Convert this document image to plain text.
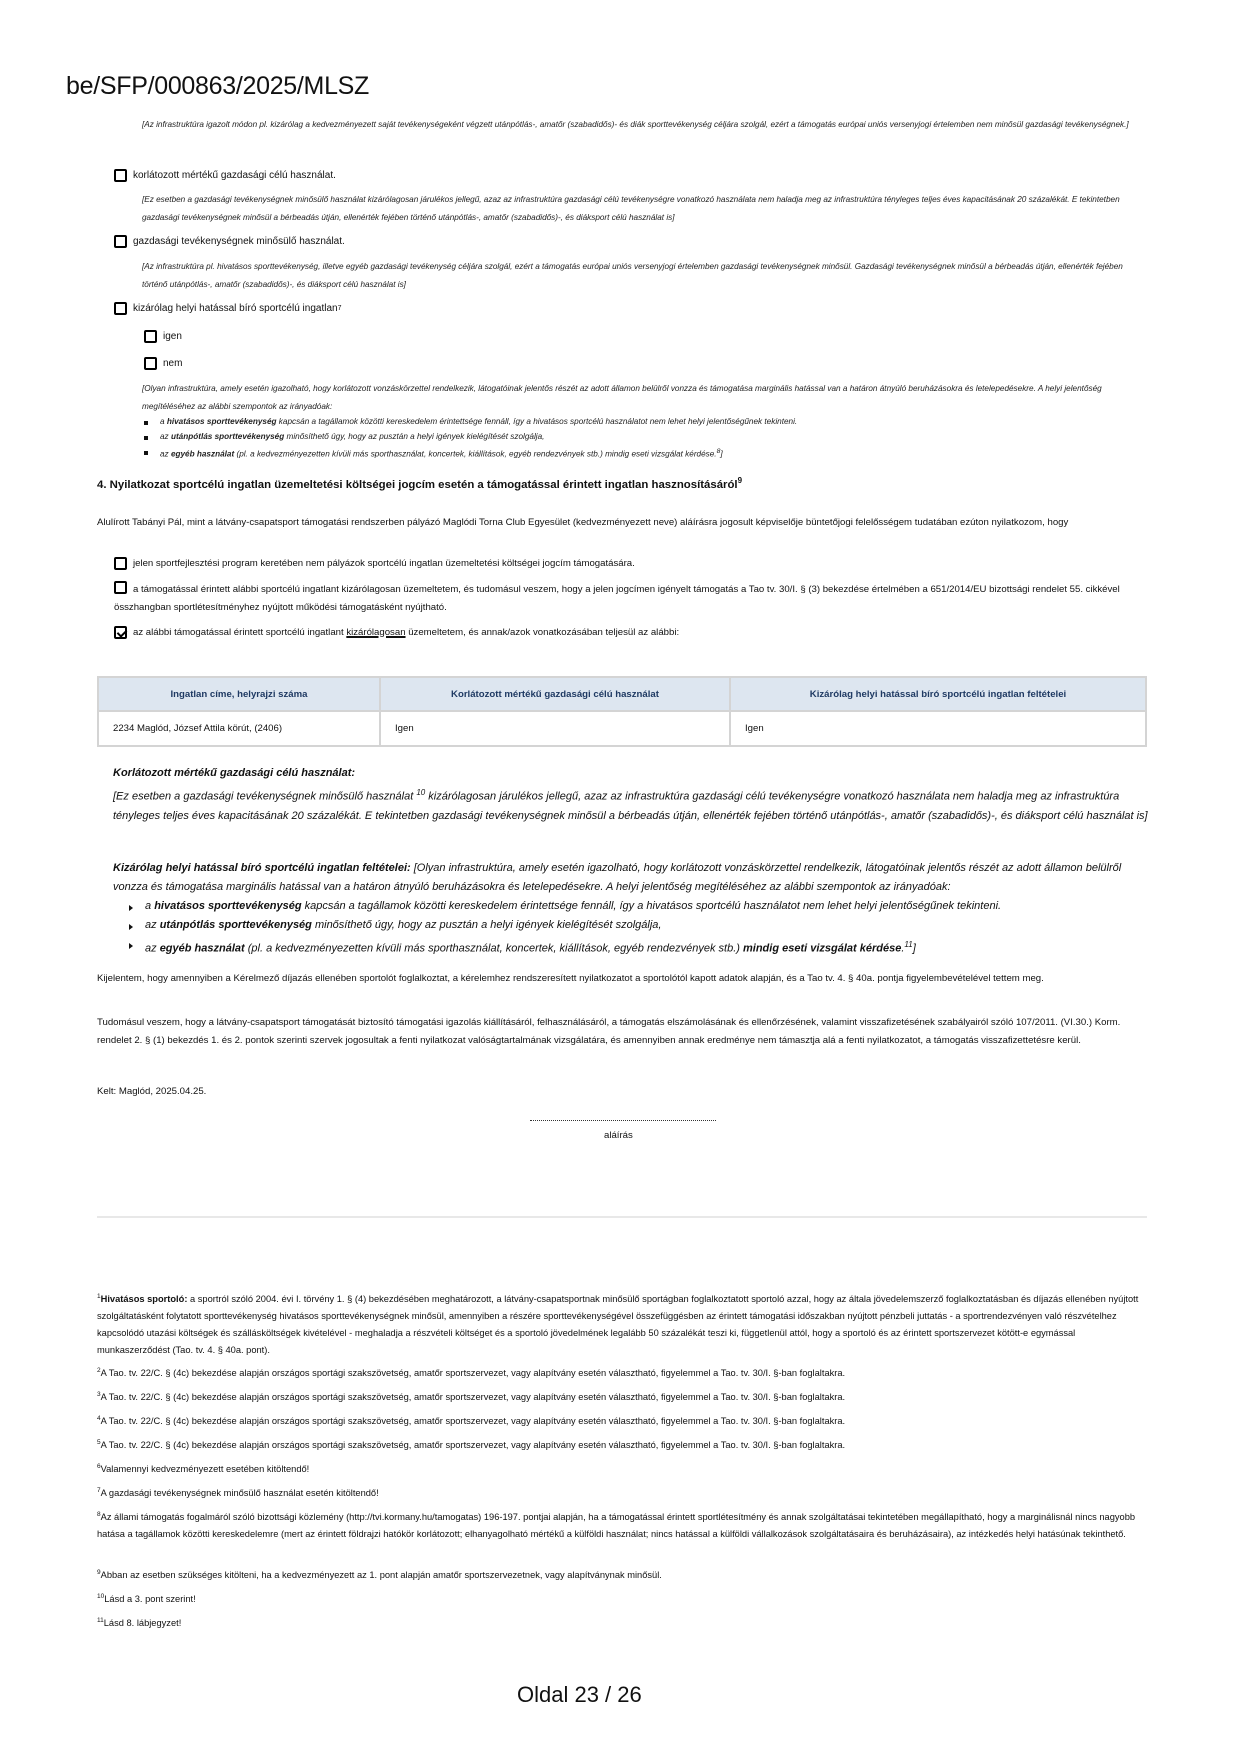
be/SFP/000863/2025/MLSZ
[Az infrastruktúra igazolt módon pl. kizárólag a kedvezményezett saját tevékenységeként végzett utánpótlás-, amatőr (szabadidős)- és diák sporttevékenység céljára szolgál, ezért a támogatás európai uniós versenyjogi értelemben nem minősül gazdasági tevékenységnek.]
korlátozott mértékű gazdasági célú használat.
[Ez esetben a gazdasági tevékenységnek minősülő használat kizárólagosan járulékos jellegű, azaz az infrastruktúra gazdasági célú tevékenységre vonatkozó használata nem haladja meg az infrastruktúra tényleges teljes éves kapacitásának 20 százalékát. E tekintetben gazdasági tevékenységnek minősül a bérbeadás útján, ellenérték fejében történő utánpótlás-, amatőr (szabadidős)-, és diáksport célú használat is]
gazdasági tevékenységnek minősülő használat.
[Az infrastruktúra pl. hivatásos sporttevékenység, illetve egyéb gazdasági tevékenység céljára szolgál, ezért a támogatás európai uniós versenyjogi értelemben gazdasági tevékenységnek minősül. Gazdasági tevékenységnek minősül a bérbeadás útján, ellenérték fejében történő utánpótlás-, amatőr (szabadidős)-, és diáksport célú használat is]
kizárólag helyi hatással bíró sportcélú ingatlan 7
igen
nem
[Olyan infrastruktúra, amely esetén igazolható, hogy korlátozott vonzáskörzettel rendelkezik, látogatóinak jelentős részét az adott államon belülről vonzza és támogatása marginális hatással van a határon átnyúló beruházásokra és letelepedésekre. A helyi jelentőség megítéléséhez az alábbi szempontok az irányadóak:
a hivatásos sporttevékenység kapcsán a tagállamok közötti kereskedelem érintettsége fennáll, így a hivatásos sportcélú használatot nem lehet helyi jelentőségűnek tekinteni.
az utánpótlás sporttevékenység minősíthető úgy, hogy az pusztán a helyi igények kielégítését szolgálja,
az egyéb használat (pl. a kedvezményezetten kívüli más sporthasználat, koncertek, kiállítások, egyéb rendezvények stb.) mindig eseti vizsgálat kérdése.$^8$]
4. Nyilatkozat sportcélú ingatlan üzemeltetési költségei jogcím esetén a támogatással érintett ingatlan hasznosításáról$^9$
Alulírott Tabányi Pál, mint a látvány-csapatsport támogatási rendszerben pályázó Maglódi Torna Club Egyesület (kedvezményezett neve) aláírásra jogosult képviselője büntetőjogi felelősségem tudatában ezúton nyilatkozom, hogy
jelen sportfejlesztési program keretében nem pályázok sportcélú ingatlan üzemeltetési költségei jogcím támogatására.
a támogatással érintett alábbi sportcélú ingatlant kizárólagosan üzemeltetem, és tudomásul veszem, hogy a jelen jogcímen igényelt támogatás a Tao tv. 30/I. § (3) bekezdése értelmében a 651/2014/EU bizottsági rendelet 55. cikkével összhangban sportlétesítményhez nyújtott működési támogatásként nyújtható.
az alábbi támogatással érintett sportcélú ingatlant kizárólagosan üzemeltetem, és annak/azok vonatkozásában teljesül az alábbi:
Ingatlan címe, helyrajzi száma	Korlátozott mértékű gazdasági célú használat	Kizárólag helyi hatással bíró sportcélú ingatlan feltételei
2234 Maglód, József Attila körút, (2406)	Igen	Igen
Korlátozott mértékű gazdasági célú használat:
[Ez esetben a gazdasági tevékenységnek minősülő használat $^{10}$ kizárólagosan járulékos jellegű, azaz az infrastruktúra gazdasági célú tevékenységre vonatkozó használata nem haladja meg az infrastruktúra tényleges teljes éves kapacitásának 20 százalékát. E tekintetben gazdasági tevékenységnek minősül a bérbeadás útján, ellenérték fejében történő utánpótlás-, amatőr (szabadidős)-, és diáksport célú használat is]
Kizárólag helyi hatással bíró sportcélú ingatlan feltételei: [Olyan infrastruktúra, amely esetén igazolható, hogy korlátozott vonzáskörzettel rendelkezik, látogatóinak jelentős részét az adott államon belülről vonzza és támogatása marginális hatással van a határon átnyúló beruházásokra és letelepedésekre. A helyi jelentőség megítéléséhez az alábbi szempontok az irányadóak:
a hivatásos sporttevékenység kapcsán a tagállamok közötti kereskedelem érintettsége fennáll, így a hivatásos sportcélú használatot nem lehet helyi jelentőségűnek tekinteni.
az utánpótlás sporttevékenység minősíthető úgy, hogy az pusztán a helyi igények kielégítését szolgálja,
az egyéb használat (pl. a kedvezményezetten kívüli más sporthasználat, koncertek, kiállítások, egyéb rendezvények stb.) mindig eseti vizsgálat kérdése.$^{11}$]
Kijelentem, hogy amennyiben a Kérelmező díjazás ellenében sportolót foglalkoztat, a kérelemhez rendszeresített nyilatkozatot a sportolótól kapott adatok alapján, és a Tao tv. 4. § 40a. pontja figyelembevételével tettem meg.
Tudomásul veszem, hogy a látvány-csapatsport támogatását biztosító támogatási igazolás kiállításáról, felhasználásáról, a támogatás elszámolásának és ellenőrzésének, valamint visszafizetésének szabályairól szóló 107/2011. (VI.30.) Korm. rendelet 2. § (1) bekezdés 1. és 2. pontok szerinti szervek jogosultak a fenti nyilatkozat valóságtartalmának vizsgálatára, és amennyiben annak eredménye nem támasztja alá a fenti nyilatkozatot, a támogatás visszafizettetésre kerül.
Kelt: Maglód, 2025.04.25.
aláírás
$^1$Hivatásos sportoló: a sportról szóló 2004. évi I. törvény 1. § (4) bekezdésében meghatározott, a látvány-csapatsportnak minősülő sportágban foglalkoztatott sportoló azzal, hogy az általa jövedelemszerző foglalkoztatásban és díjazás ellenében nyújtott szolgáltatásként folytatott sporttevékenység hivatásos sporttevékenységnek minősül, amennyiben a részére sporttevékenységével összefüggésben az érintett támogatási időszakban nyújtott pénzbeli juttatás - a sportrendezvényen való részvételhez kapcsolódó utazási költségek és szállásköltségek kivételével - meghaladja a részvételi költséget és a sportoló jövedelmének legalább 50 százalékát teszi ki, függetlenül attól, hogy a sportoló és az érintett sportszervezet kötött-e egymással munkaszerződést (Tao. tv. 4. § 40a. pont).
$^2$A Tao. tv. 22/C. § (4c) bekezdése alapján országos sportági szakszövetség, amatőr sportszervezet, vagy alapítvány esetén választható, figyelemmel a Tao. tv. 30/I. §-ban foglaltakra.
$^3$A Tao. tv. 22/C. § (4c) bekezdése alapján országos sportági szakszövetség, amatőr sportszervezet, vagy alapítvány esetén választható, figyelemmel a Tao. tv. 30/I. §-ban foglaltakra.
$^4$A Tao. tv. 22/C. § (4c) bekezdése alapján országos sportági szakszövetség, amatőr sportszervezet, vagy alapítvány esetén választható, figyelemmel a Tao. tv. 30/I. §-ban foglaltakra.
$^5$A Tao. tv. 22/C. § (4c) bekezdése alapján országos sportági szakszövetség, amatőr sportszervezet, vagy alapítvány esetén választható, figyelemmel a Tao. tv. 30/I. §-ban foglaltakra.
$^6$Valamennyi kedvezményezett esetében kitöltendő!
$^7$A gazdasági tevékenységnek minősülő használat esetén kitöltendő!
$^8$Az állami támogatás fogalmáról szóló bizottsági közlemény (http://tvi.kormany.hu/tamogatas) 196-197. pontjai alapján, ha a támogatással érintett sportlétesítmény és annak szolgáltatásai tekintetében megállapítható, hogy a marginálisnál nincs nagyobb hatása a tagállamok közötti kereskedelemre (mert az érintett földrajzi hatókör korlátozott; elhanyagolható mértékű a külföldi használat; nincs hatással a külföldi vállalkozások szolgáltatásaira és beruházásaira), az intézkedés helyi hatásúnak tekinthető.
$^9$Abban az esetben szükséges kitölteni, ha a kedvezményezett az 1. pont alapján amatőr sportszervezetnek, vagy alapítványnak minősül.
$^{10}$Lásd a 3. pont szerint!
$^{11}$Lásd 8. lábjegyzet!
Oldal 23 / 26
